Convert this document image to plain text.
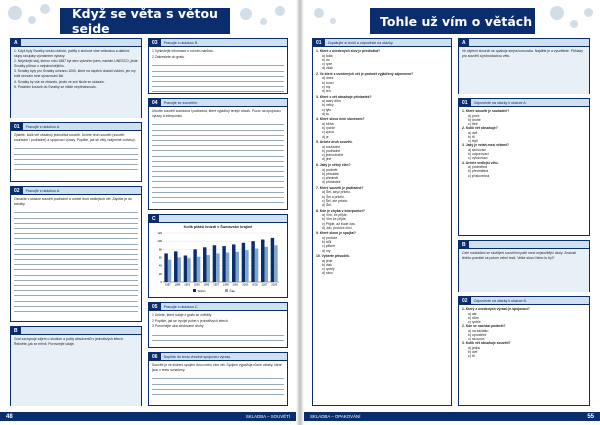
Když se věta s větou sejde
A

1. Když byly Svratky cestou dálnicí, patřily k slohové vlne velkostou a dalšími stupy stoupaly významem vybavy.

2. Nejvíšejší stáj, kterou roku 1887 byl otec vytvořen jsem, nashim UNESCO, jeste Svratky půlnoc o nejnáročnějšího.

3. Svratky byly pro Svratky ochranu 1000, které na úspěch dostali všichni, jen my totiž nevzalo mne spravování lidí.

4. Svratky by vše se ztrácelo, jenže ve své škole se ukázalo.

5. Poslední kousek do Svratky se nikde nepřetahovalo.

01	Pracujte s ukázkou A.

Zjistěte, kolik vět obsahují jednotlivá souvětí. Určete druh souvětí (souvětí souřadné / podřadné) a spojovací výrazy. Popište, jak se věty vzájemně ovlivňují.

02	Pracujte s ukázkou A.

Označte v ukázce souvětí podřadné a určete druh vedlejších vět. Zapište je do tabulky.

B

Graf zachycuje zájem o studium a počty absolventů v jednotlivých letech. Řekněte, jak se měnil. Porovnejte údaje.

03	Pracujte s ukázkou B.

1 Vyhledejte informace o ročním nárůstu.

2 Zakreslete do grafu.

04	Pracujte se souvětím.

Utvořte souvětí souřadná i podřadná, které vyjadřují tentýž obsah. Pozor na spojovací výrazy a interpunkci.

C
Kolik ptáků hnízdí v Šumavské krajině
0
20
40
60
80
100
120
1987 1989 1991 1993 1995 1997 1999 2001 2003 2005 2007 2009
Tetřev	Čáp
05	Pracujte s ukázkou C.

1 Určete, které údaje z grafu se zvětšily.

2 Popište, jak se vyvíjel počet v jednotlivých letech.

3 Porovnejte oba sledované druhy.

06	Doplňte do textu vhodné spojovací výrazy.

Souvětí je ve složení spojení dvou nebo více vět. Spojení vyjadřuje různé vztahy, které jsou v textu označeny.

48	SKLADBA – SOUVĚTÍ
Tohle už vím o větách
01	Zopakujte si teorii a odpovězte na otázky.
1. Které z uvedených slov je předložka?
a) kolik
b) do
c) ryze
d) však
2. Ve které z uvedených vět je podmět vyjádřený zájmenem?
a) dnes
b) tomu
c) my
d) ten
3. Které z vět obsahuje přívlastek?
a) starý dům
b) velký
c) tyto
d) ta
4. Které slovo není slovesem?
a) běhá
b) rychle
c) zpívá
d) je
5. Určete druh souvětí.
a) souřadné
b) podřadné
c) jednoduché
d) jiné
6. Jaký je větný člen?
a) podmět
b) přísudek
c) předmět
d) přívlastek
7. Které souvětí je podřadné?
a) Šel, když pršelo.
b) Šel a pršelo.
c) Šel, ale pršelo.
d) Šel.
8. Kde je chyba v interpunkci?
a) Vím, že přijde.
b) Vím že přijde.
c) Přijde, až bude čas.
d) Jdu, protože chci.
9. Které slovo je spojka?
a) protože
b) stůl
c) pěkně
d) my
10. Vyberte přísudek.
a) jede
b) vlak
c) rychlý
d) ráno
A

Ve ctyřech slovech se opakuje stejná koncovka. Najděte je a vysvětlete. Příklady pro souvětí a jednoduchou větu.

01	Odpovězte na otázky k ukázce A.
1. Které souvětí je souřadné?
a) první
b) druhé
c) třetí
2. Kolik vět obsahuje?
a) dvě
b) tři
c) čtyři
3. Jaký je vztah mezi větami?
a) slučovací
b) odporovací
c) vylučovací
4. Určete vedlejší větu.
a) podmětná
b) předmětná
c) příslovečná
B

Celé rozkládání se složitými souvětími patří mezi nejsložitější úkoly. Znalosti těchto pravidel se potom velmi hodí. Velké slovo Nebo to byl?

02	Odpovězte na otázky k ukázce B.
1. Který z uvedených výrazů je spojovací?
a) ale
b) dům
c) rychle
2. Kde se nachází podmět?
a) na začátku
b) uprostřed
c) na konci
3. Kolik vět obsahuje souvětí?
a) jednu
b) dvě
c) tři
SKLADBA – OPAKOVÁNÍ	55
